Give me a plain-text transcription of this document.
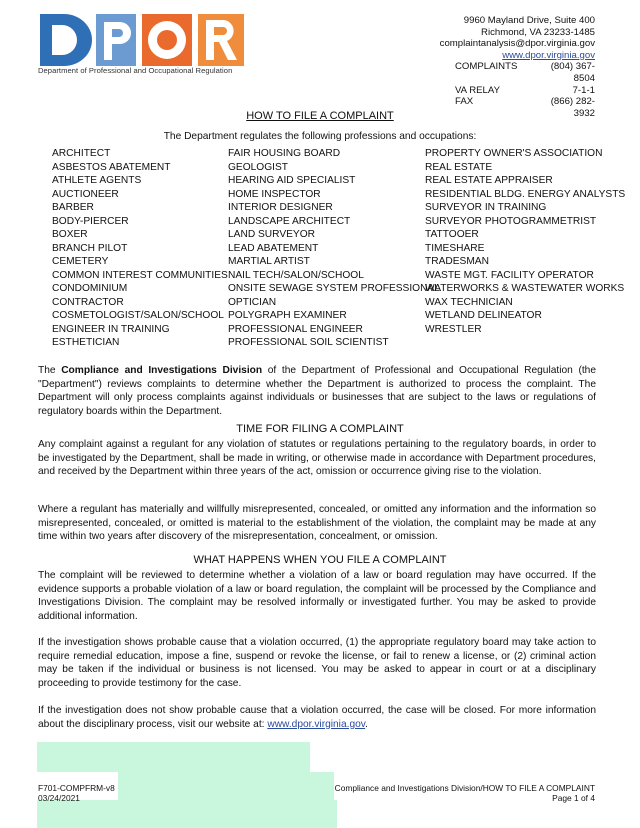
Department of Professional and Occupational Regulation
9960 Mayland Drive, Suite 400
Richmond, VA 23233-1485
complaintanalysis@dpor.virginia.gov
www.dpor.virginia.gov
COMPLAINTS	(804) 367-8504
VA RELAY	7-1-1
FAX	(866) 282-3932
HOW TO FILE A COMPLAINT
The Department regulates the following professions and occupations:
ARCHITECT
ASBESTOS ABATEMENT
ATHLETE AGENTS
AUCTIONEER
BARBER
BODY-PIERCER
BOXER
BRANCH PILOT
CEMETERY
COMMON INTEREST COMMUNITIES
CONDOMINIUM
CONTRACTOR
COSMETOLOGIST/SALON/SCHOOL
ENGINEER IN TRAINING
ESTHETICIAN
FAIR HOUSING BOARD
GEOLOGIST
HEARING AID SPECIALIST
HOME INSPECTOR
INTERIOR DESIGNER
LANDSCAPE ARCHITECT
LAND SURVEYOR
LEAD ABATEMENT
MARTIAL ARTIST
NAIL TECH/SALON/SCHOOL
ONSITE SEWAGE SYSTEM PROFESSIONAL
OPTICIAN
POLYGRAPH EXAMINER
PROFESSIONAL ENGINEER
PROFESSIONAL SOIL SCIENTIST
PROPERTY OWNER'S ASSOCIATION
REAL ESTATE
REAL ESTATE APPRAISER
RESIDENTIAL BLDG. ENERGY ANALYSTS
SURVEYOR IN TRAINING
SURVEYOR PHOTOGRAMMETRIST
TATTOOER
TIMESHARE
TRADESMAN
WASTE MGT. FACILITY OPERATOR
WATERWORKS & WASTEWATER WORKS
WAX TECHNICIAN
WETLAND DELINEATOR
WRESTLER

The Compliance and Investigations Division of the Department of Professional and Occupational Regulation (the "Department") reviews complaints to determine whether the Department is authorized to process the complaint. The Department will only process complaints against individuals or businesses that are subject to the laws or regulations of regulatory boards within the Department.

TIME FOR FILING A COMPLAINT

Any complaint against a regulant for any violation of statutes or regulations pertaining to the regulatory boards, in order to be investigated by the Department, shall be made in writing, or otherwise made in accordance with Department procedures, and received by the Department within three years of the act, omission or occurrence giving rise to the violation.

Where a regulant has materially and willfully misrepresented, concealed, or omitted any information and the information so misrepresented, concealed, or omitted is material to the establishment of the violation, the complaint may be made at any time within two years after discovery of the misrepresentation, concealment, or omission.

WHAT HAPPENS WHEN YOU FILE A COMPLAINT

The complaint will be reviewed to determine whether a violation of a law or board regulation may have occurred. If the evidence supports a probable violation of a law or board regulation, the complaint will be processed by the Compliance and Investigations Division. The complaint may be resolved informally or investigated further. You may be asked to provide additional information.

If the investigation shows probable cause that a violation occurred, (1) the appropriate regulatory board may take action to require remedial education, impose a fine, suspend or revoke the license, or fail to renew a license, or (2) criminal action may be taken if the individual or business is not licensed. You may be asked to appear in court or at a disciplinary proceeding to provide testimony for the case.

If the investigation does not show probable cause that a violation occurred, the case will be closed. For more information about the disciplinary process, visit our website at: www.dpor.virginia.gov.

F701-COMPFRM-v8
03/24/2021
Compliance and Investigations Division/HOW TO FILE A COMPLAINT
Page 1 of 4
